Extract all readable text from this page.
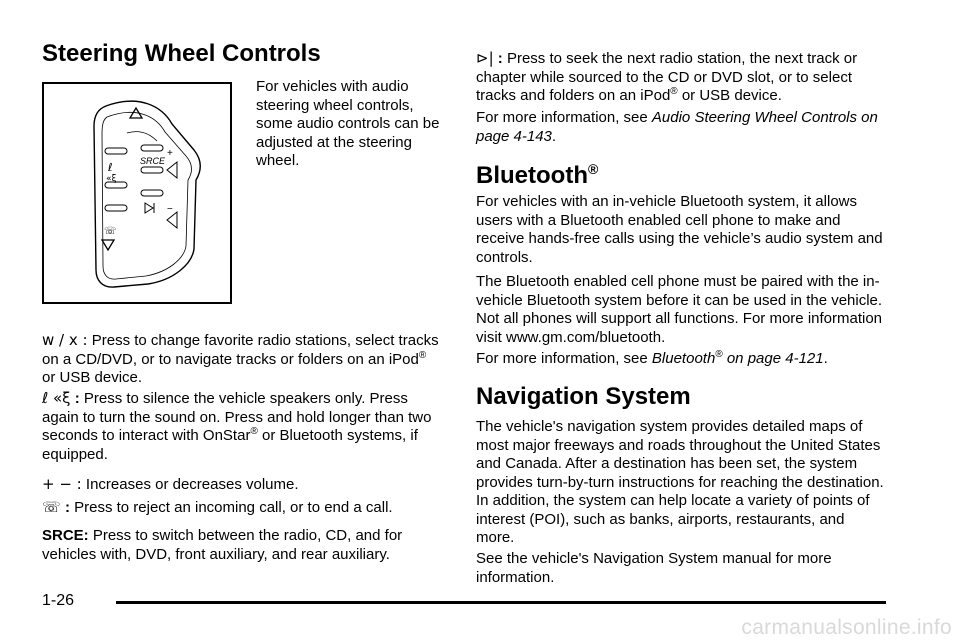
Steering Wheel Controls
SRCE
+
−
ℓ
«ξ
☏

For vehicles with audio steering wheel controls, some audio controls can be adjusted at the steering wheel.

w / x : Press to change favorite radio stations, select tracks on a CD/DVD, or to navigate tracks or folders on an iPod® or USB device.

ℓ «ξ : Press to silence the vehicle speakers only. Press again to turn the sound on. Press and hold longer than two seconds to interact with OnStar® or Bluetooth systems, if equipped.

+ − : Increases or decreases volume.

☏ : Press to reject an incoming call, or to end a call.

SRCE: Press to switch between the radio, CD, and for vehicles with, DVD, front auxiliary, and rear auxiliary.

⊳| : Press to seek the next radio station, the next track or chapter while sourced to the CD or DVD slot, or to select tracks and folders on an iPod® or USB device.

For more information, see Audio Steering Wheel Controls on page 4-143.

Bluetooth®

For vehicles with an in-vehicle Bluetooth system, it allows users with a Bluetooth enabled cell phone to make and receive hands-free calls using the vehicle’s audio system and controls.

The Bluetooth enabled cell phone must be paired with the in-vehicle Bluetooth system before it can be used in the vehicle. Not all phones will support all functions. For more information visit www.gm.com/bluetooth.

For more information, see Bluetooth® on page 4-121.

Navigation System

The vehicle's navigation system provides detailed maps of most major freeways and roads throughout the United States and Canada. After a destination has been set, the system provides turn-by-turn instructions for reaching the destination. In addition, the system can help locate a variety of points of interest (POI), such as banks, airports, restaurants, and more.

See the vehicle's Navigation System manual for more information.

1-26
carmanualsonline.info
